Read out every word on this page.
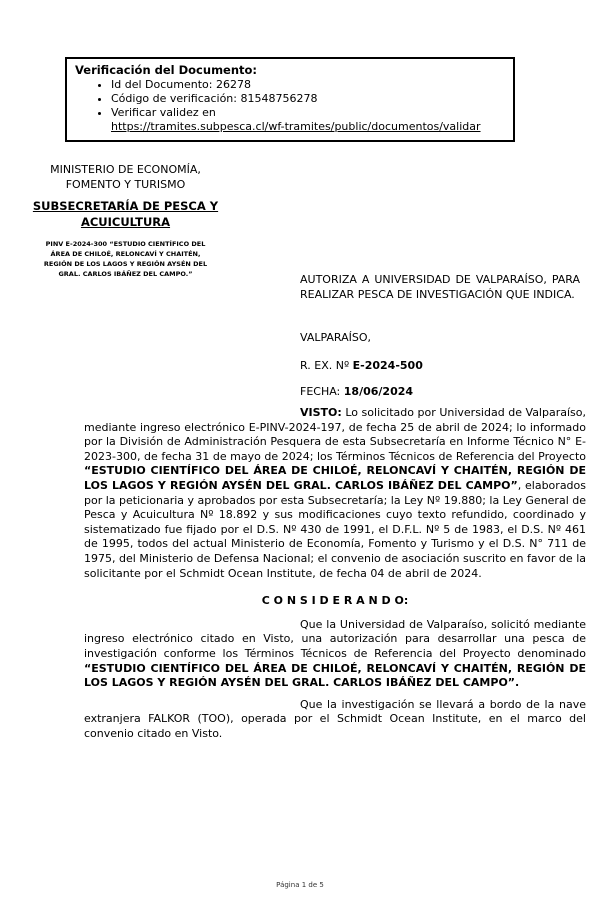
Verificación del Documento:
• Id del Documento: 26278
• Código de verificación: 81548756278
• Verificar validez en
https://tramites.subpesca.cl/wf-tramites/public/documentos/validar
MINISTERIO DE ECONOMÍA,
FOMENTO Y TURISMO
SUBSECRETARÍA DE PESCA Y
ACUICULTURA
PINV E-2024-300 “ESTUDIO CIENTÍFICO DEL ÁREA DE CHILOÉ, RELONCAVÍ Y CHAITÉN, REGIÓN DE LOS LAGOS Y REGIÓN AYSÉN DEL GRAL. CARLOS IBÁÑEZ DEL CAMPO.”	AUTORIZA A UNIVERSIDAD DE VALPARAÍSO, PARA REALIZAR PESCA DE INVESTIGACIÓN QUE INDICA.
VALPARAÍSO,
R. EX. Nº E-2024-500
FECHA: 18/06/2024

VISTO: Lo solicitado por Universidad de Valparaíso, mediante ingreso electrónico E-PINV-2024-197, de fecha 25 de abril de 2024; lo informado por la División de Administración Pesquera de esta Subsecretaría en Informe Técnico N° E-2023-300, de fecha 31 de mayo de 2024; los Términos Técnicos de Referencia del Proyecto “ESTUDIO CIENTÍFICO DEL ÁREA DE CHILOÉ, RELONCAVÍ Y CHAITÉN, REGIÓN DE LOS LAGOS Y REGIÓN AYSÉN DEL GRAL. CARLOS IBÁÑEZ DEL CAMPO”, elaborados por la peticionaria y aprobados por esta Subsecretaría; la Ley Nº 19.880; la Ley General de Pesca y Acuicultura Nº 18.892 y sus modificaciones cuyo texto refundido, coordinado y sistematizado fue fijado por el D.S. Nº 430 de 1991, el D.F.L. Nº 5 de 1983, el D.S. Nº 461 de 1995, todos del actual Ministerio de Economía, Fomento y Turismo y el D.S. N° 711 de 1975, del Ministerio de Defensa Nacional; el convenio de asociación suscrito en favor de la solicitante por el Schmidt Ocean Institute, de fecha 04 de abril de 2024.

C O N S I D E R A N D O:

Que la Universidad de Valparaíso, solicitó mediante ingreso electrónico citado en Visto, una autorización para desarrollar una pesca de investigación conforme los Términos Técnicos de Referencia del Proyecto denominado “ESTUDIO CIENTÍFICO DEL ÁREA DE CHILOÉ, RELONCAVÍ Y CHAITÉN, REGIÓN DE LOS LAGOS Y REGIÓN AYSÉN DEL GRAL. CARLOS IBÁÑEZ DEL CAMPO”.

Que la investigación se llevará a bordo de la nave extranjera FALKOR (TOO), operada por el Schmidt Ocean Institute, en el marco del convenio citado en Visto.

Página 1 de 5
